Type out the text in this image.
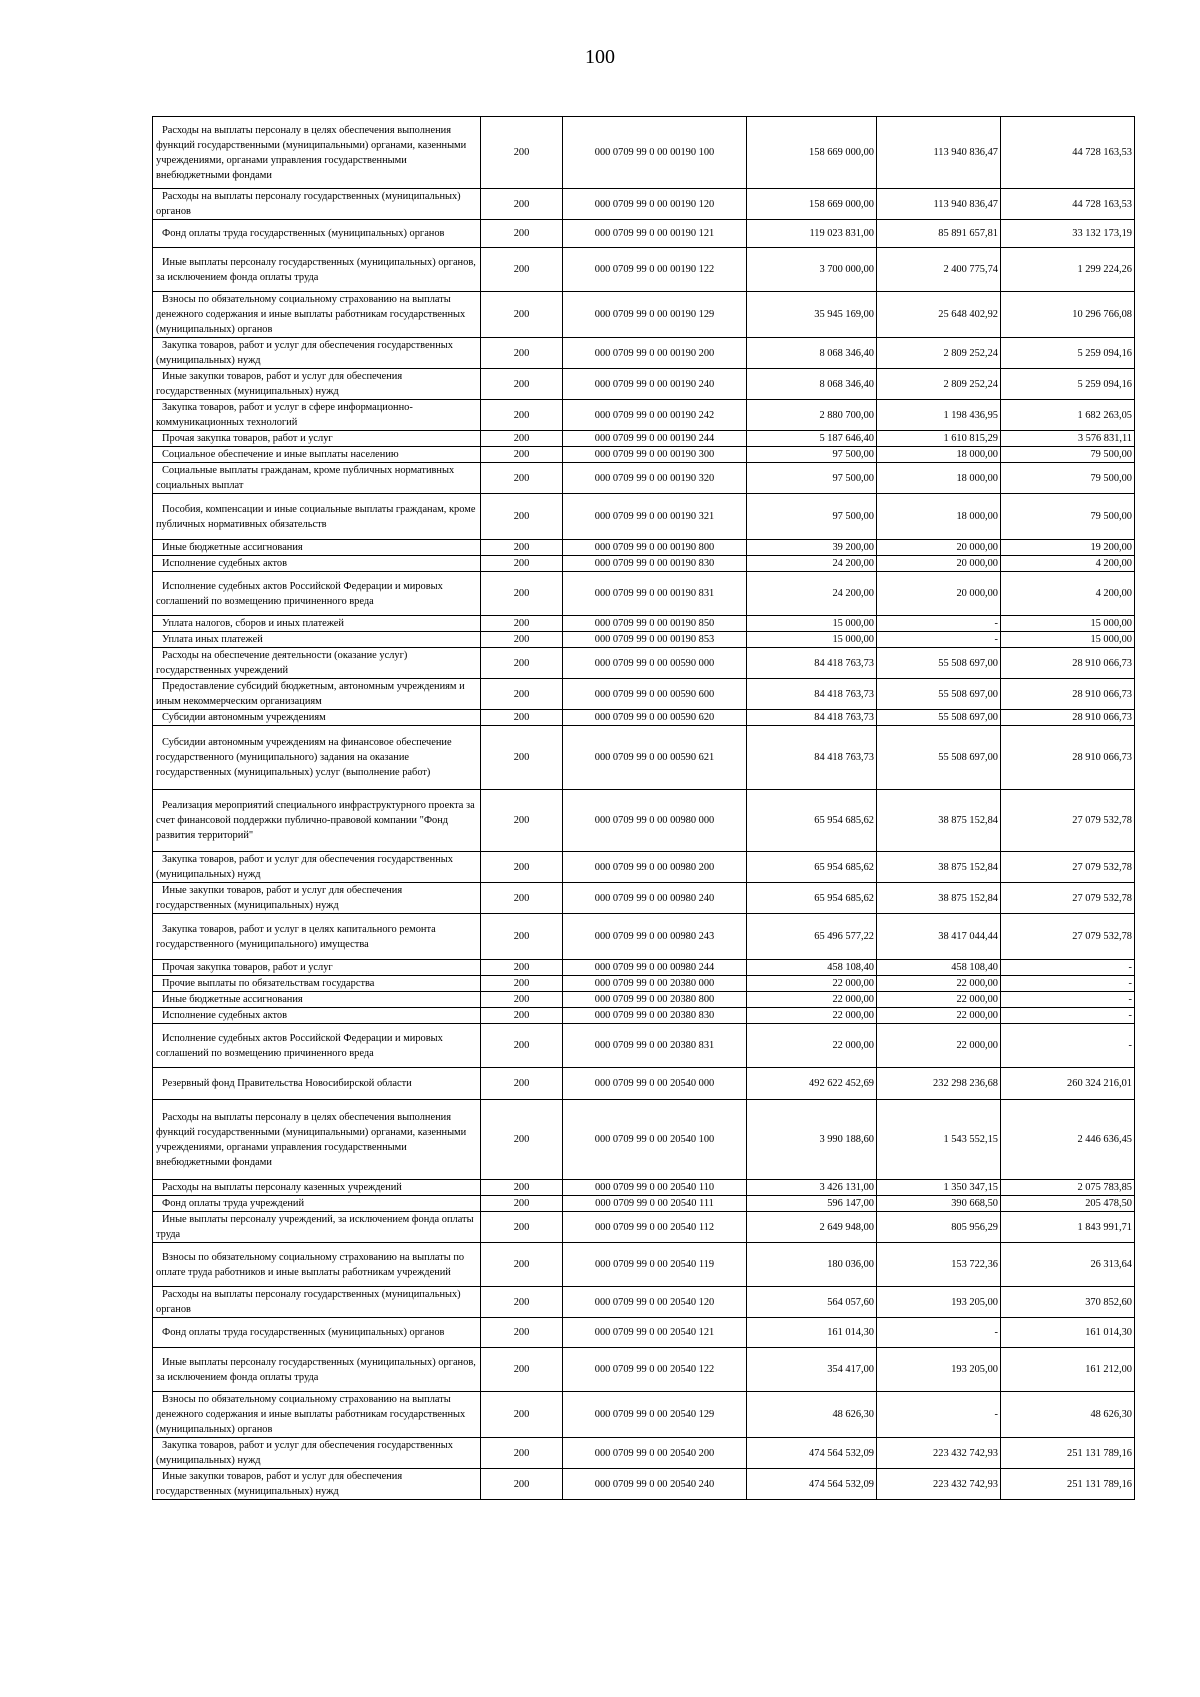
100
Расходы на выплаты персоналу в целях обеспечения выполнения функций государственными (муниципальными) органами, казенными учреждениями, органами управления государственными внебюджетными фондами	200	000 0709 99 0 00 00190 100	158 669 000,00	113 940 836,47	44 728 163,53

Расходы на выплаты персоналу государственных (муниципальных) органов	200	000 0709 99 0 00 00190 120	158 669 000,00	113 940 836,47	44 728 163,53

Фонд оплаты труда государственных (муниципальных) органов	200	000 0709 99 0 00 00190 121	119 023 831,00	85 891 657,81	33 132 173,19

Иные выплаты персоналу государственных (муниципальных) органов, за исключением фонда оплаты труда	200	000 0709 99 0 00 00190 122	3 700 000,00	2 400 775,74	1 299 224,26

Взносы по обязательному социальному страхованию на выплаты денежного содержания и иные выплаты работникам государственных (муниципальных) органов	200	000 0709 99 0 00 00190 129	35 945 169,00	25 648 402,92	10 296 766,08

Закупка товаров, работ и услуг для обеспечения государственных (муниципальных) нужд	200	000 0709 99 0 00 00190 200	8 068 346,40	2 809 252,24	5 259 094,16

Иные закупки товаров, работ и услуг для обеспечения государственных (муниципальных) нужд	200	000 0709 99 0 00 00190 240	8 068 346,40	2 809 252,24	5 259 094,16

Закупка товаров, работ и услуг в сфере информационно-коммуникационных технологий	200	000 0709 99 0 00 00190 242	2 880 700,00	1 198 436,95	1 682 263,05

Прочая закупка товаров, работ и услуг	200	000 0709 99 0 00 00190 244	5 187 646,40	1 610 815,29	3 576 831,11

Социальное обеспечение и иные выплаты населению	200	000 0709 99 0 00 00190 300	97 500,00	18 000,00	79 500,00

Социальные выплаты гражданам, кроме публичных нормативных социальных выплат	200	000 0709 99 0 00 00190 320	97 500,00	18 000,00	79 500,00

Пособия, компенсации и иные социальные выплаты гражданам, кроме публичных нормативных обязательств	200	000 0709 99 0 00 00190 321	97 500,00	18 000,00	79 500,00

Иные бюджетные ассигнования	200	000 0709 99 0 00 00190 800	39 200,00	20 000,00	19 200,00

Исполнение судебных актов	200	000 0709 99 0 00 00190 830	24 200,00	20 000,00	4 200,00

Исполнение судебных актов Российской Федерации и мировых соглашений по возмещению причиненного вреда	200	000 0709 99 0 00 00190 831	24 200,00	20 000,00	4 200,00

Уплата налогов, сборов и иных платежей	200	000 0709 99 0 00 00190 850	15 000,00	-	15 000,00

Уплата иных платежей	200	000 0709 99 0 00 00190 853	15 000,00	-	15 000,00

Расходы на обеспечение деятельности (оказание услуг) государственных учреждений	200	000 0709 99 0 00 00590 000	84 418 763,73	55 508 697,00	28 910 066,73

Предоставление субсидий бюджетным, автономным учреждениям и иным некоммерческим организациям	200	000 0709 99 0 00 00590 600	84 418 763,73	55 508 697,00	28 910 066,73

Субсидии автономным учреждениям	200	000 0709 99 0 00 00590 620	84 418 763,73	55 508 697,00	28 910 066,73

Субсидии автономным учреждениям на финансовое обеспечение государственного (муниципального) задания на оказание государственных (муниципальных) услуг (выполнение работ)	200	000 0709 99 0 00 00590 621	84 418 763,73	55 508 697,00	28 910 066,73

Реализация мероприятий специального инфраструктурного проекта за счет финансовой поддержки публично-правовой компании "Фонд развития территорий"	200	000 0709 99 0 00 00980 000	65 954 685,62	38 875 152,84	27 079 532,78

Закупка товаров, работ и услуг для обеспечения государственных (муниципальных) нужд	200	000 0709 99 0 00 00980 200	65 954 685,62	38 875 152,84	27 079 532,78

Иные закупки товаров, работ и услуг для обеспечения государственных (муниципальных) нужд	200	000 0709 99 0 00 00980 240	65 954 685,62	38 875 152,84	27 079 532,78

Закупка товаров, работ и услуг в целях капитального ремонта государственного (муниципального) имущества	200	000 0709 99 0 00 00980 243	65 496 577,22	38 417 044,44	27 079 532,78

Прочая закупка товаров, работ и услуг	200	000 0709 99 0 00 00980 244	458 108,40	458 108,40	-

Прочие выплаты по обязательствам государства	200	000 0709 99 0 00 20380 000	22 000,00	22 000,00	-

Иные бюджетные ассигнования	200	000 0709 99 0 00 20380 800	22 000,00	22 000,00	-

Исполнение судебных актов	200	000 0709 99 0 00 20380 830	22 000,00	22 000,00	-

Исполнение судебных актов Российской Федерации и мировых соглашений по возмещению причиненного вреда	200	000 0709 99 0 00 20380 831	22 000,00	22 000,00	-

Резервный фонд Правительства Новосибирской области	200	000 0709 99 0 00 20540 000	492 622 452,69	232 298 236,68	260 324 216,01

Расходы на выплаты персоналу в целях обеспечения выполнения функций государственными (муниципальными) органами, казенными учреждениями, органами управления государственными внебюджетными фондами	200	000 0709 99 0 00 20540 100	3 990 188,60	1 543 552,15	2 446 636,45

Расходы на выплаты персоналу казенных учреждений	200	000 0709 99 0 00 20540 110	3 426 131,00	1 350 347,15	2 075 783,85

Фонд оплаты труда учреждений	200	000 0709 99 0 00 20540 111	596 147,00	390 668,50	205 478,50

Иные выплаты персоналу учреждений, за исключением фонда оплаты труда	200	000 0709 99 0 00 20540 112	2 649 948,00	805 956,29	1 843 991,71

Взносы по обязательному социальному страхованию на выплаты по оплате труда работников и иные выплаты работникам учреждений	200	000 0709 99 0 00 20540 119	180 036,00	153 722,36	26 313,64

Расходы на выплаты персоналу государственных (муниципальных) органов	200	000 0709 99 0 00 20540 120	564 057,60	193 205,00	370 852,60

Фонд оплаты труда государственных (муниципальных) органов	200	000 0709 99 0 00 20540 121	161 014,30	-	161 014,30

Иные выплаты персоналу государственных (муниципальных) органов, за исключением фонда оплаты труда	200	000 0709 99 0 00 20540 122	354 417,00	193 205,00	161 212,00

Взносы по обязательному социальному страхованию на выплаты денежного содержания и иные выплаты работникам государственных (муниципальных) органов	200	000 0709 99 0 00 20540 129	48 626,30	-	48 626,30

Закупка товаров, работ и услуг для обеспечения государственных (муниципальных) нужд	200	000 0709 99 0 00 20540 200	474 564 532,09	223 432 742,93	251 131 789,16

Иные закупки товаров, работ и услуг для обеспечения государственных (муниципальных) нужд	200	000 0709 99 0 00 20540 240	474 564 532,09	223 432 742,93	251 131 789,16
